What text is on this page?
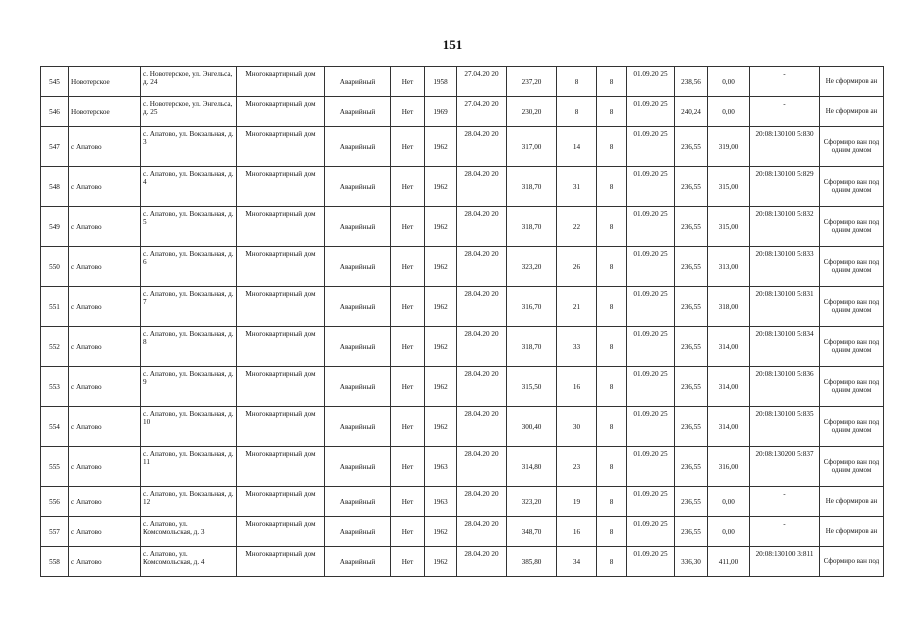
151
545	Новотерское	с. Новотерское, ул. Энгельса, д. 24	Многоквартирный дом	Аварийный	Нет	1958	27.04.20 20	237,20	8	8	01.09.20 25	238,56	0,00	-	Не сформиров ан
546	Новотерское	с. Новотерское, ул. Энгельса, д. 25	Многоквартирный дом	Аварийный	Нет	1969	27.04.20 20	230,20	8	8	01.09.20 25	240,24	0,00	-	Не сформиров ан
547	с Апатово	с. Апатово, ул. Вокзальная, д. 3	Многоквартирный дом	Аварийный	Нет	1962	28.04.20 20	317,00	14	8	01.09.20 25	236,55	319,00	20:08:130100 5:830	Сформиро ван под одним домом
548	с Апатово	с. Апатово, ул. Вокзальная, д. 4	Многоквартирный дом	Аварийный	Нет	1962	28.04.20 20	318,70	31	8	01.09.20 25	236,55	315,00	20:08:130100 5:829	Сформиро ван под одним домом
549	с Апатово	с. Апатово, ул. Вокзальная, д. 5	Многоквартирный дом	Аварийный	Нет	1962	28.04.20 20	318,70	22	8	01.09.20 25	236,55	315,00	20:08:130100 5:832	Сформиро ван под одним домом
550	с Апатово	с. Апатово, ул. Вокзальная, д. 6	Многоквартирный дом	Аварийный	Нет	1962	28.04.20 20	323,20	26	8	01.09.20 25	236,55	313,00	20:08:130100 5:833	Сформиро ван под одним домом
551	с Апатово	с. Апатово, ул. Вокзальная, д. 7	Многоквартирный дом	Аварийный	Нет	1962	28.04.20 20	316,70	21	8	01.09.20 25	236,55	318,00	20:08:130100 5:831	Сформиро ван под одним домом
552	с Апатово	с. Апатово, ул. Вокзальная, д. 8	Многоквартирный дом	Аварийный	Нет	1962	28.04.20 20	318,70	33	8	01.09.20 25	236,55	314,00	20:08:130100 5:834	Сформиро ван под одним домом
553	с Апатово	с. Апатово, ул. Вокзальная, д. 9	Многоквартирный дом	Аварийный	Нет	1962	28.04.20 20	315,50	16	8	01.09.20 25	236,55	314,00	20:08:130100 5:836	Сформиро ван под одним домом
554	с Апатово	с. Апатово, ул. Вокзальная, д. 10	Многоквартирный дом	Аварийный	Нет	1962	28.04.20 20	300,40	30	8	01.09.20 25	236,55	314,00	20:08:130100 5:835	Сформиро ван под одним домом
555	с Апатово	с. Апатово, ул. Вокзальная, д. 11	Многоквартирный дом	Аварийный	Нет	1963	28.04.20 20	314,80	23	8	01.09.20 25	236,55	316,00	20:08:130200 5:837	Сформиро ван под одним домом
556	с Апатово	с. Апатово, ул. Вокзальная, д. 12	Многоквартирный дом	Аварийный	Нет	1963	28.04.20 20	323,20	19	8	01.09.20 25	236,55	0,00	-	Не сформиров ан
557	с Апатово	с. Апатово, ул. Комсомольская, д. 3	Многоквартирный дом	Аварийный	Нет	1962	28.04.20 20	348,70	16	8	01.09.20 25	236,55	0,00	-	Не сформиров ан
558	с Апатово	с. Апатово, ул. Комсомольская, д. 4	Многоквартирный дом	Аварийный	Нет	1962	28.04.20 20	385,80	34	8	01.09.20 25	336,30	411,00	20:08:130100 3:811	Сформиро ван под
